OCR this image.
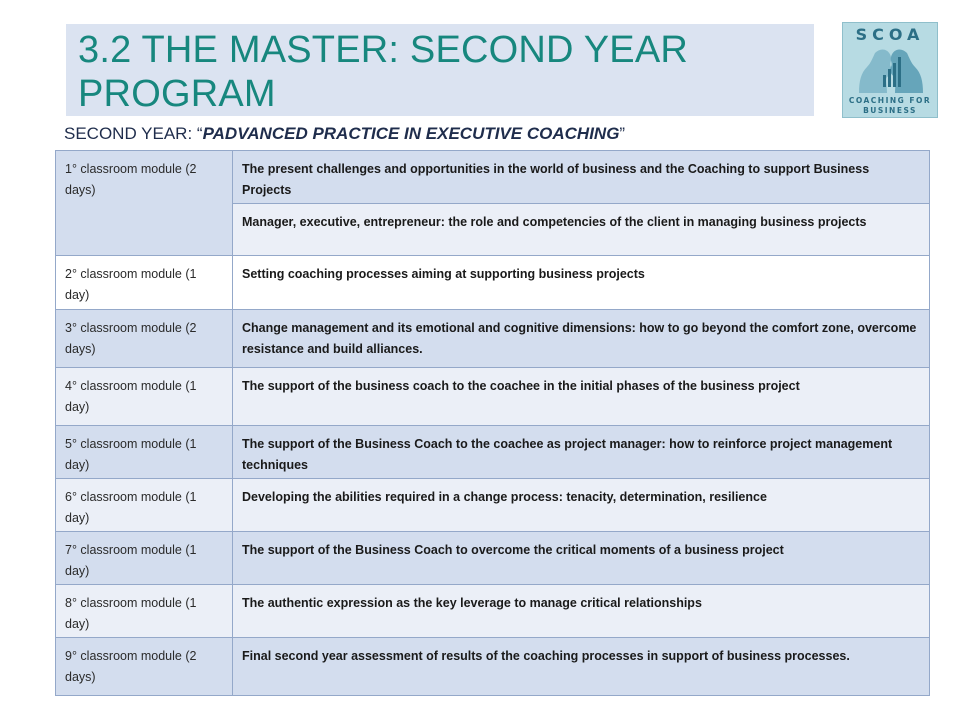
3.2 THE MASTER: SECOND YEAR
PROGRAM
SCOA
COACHING FOR
BUSINESS
SECOND YEAR: “PADVANCED PRACTICE IN EXECUTIVE COACHING”
1° classroom module (2 days)	The present challenges and opportunities in the world of business and the Coaching to support Business Projects
	Manager, executive, entrepreneur: the role and competencies of the client in managing business projects
2° classroom module (1 day)	Setting coaching processes aiming at supporting business projects
3° classroom module (2 days)	Change management and its emotional and cognitive dimensions: how to go beyond the comfort zone, overcome resistance and build alliances.
4° classroom module (1 day)	The support of the business coach to the coachee in the initial phases of the business project
5° classroom module (1 day)	The support of the Business Coach to the coachee as project manager: how to reinforce project management techniques
6° classroom module (1 day)	Developing the abilities required in a change process: tenacity, determination, resilience
7° classroom module (1 day)	The support of the Business Coach to overcome the critical moments of a business project
8° classroom module (1 day)	The authentic expression as the key leverage to manage critical relationships
9° classroom module (2 days)	Final second year assessment of results of the coaching processes in support of business processes.
